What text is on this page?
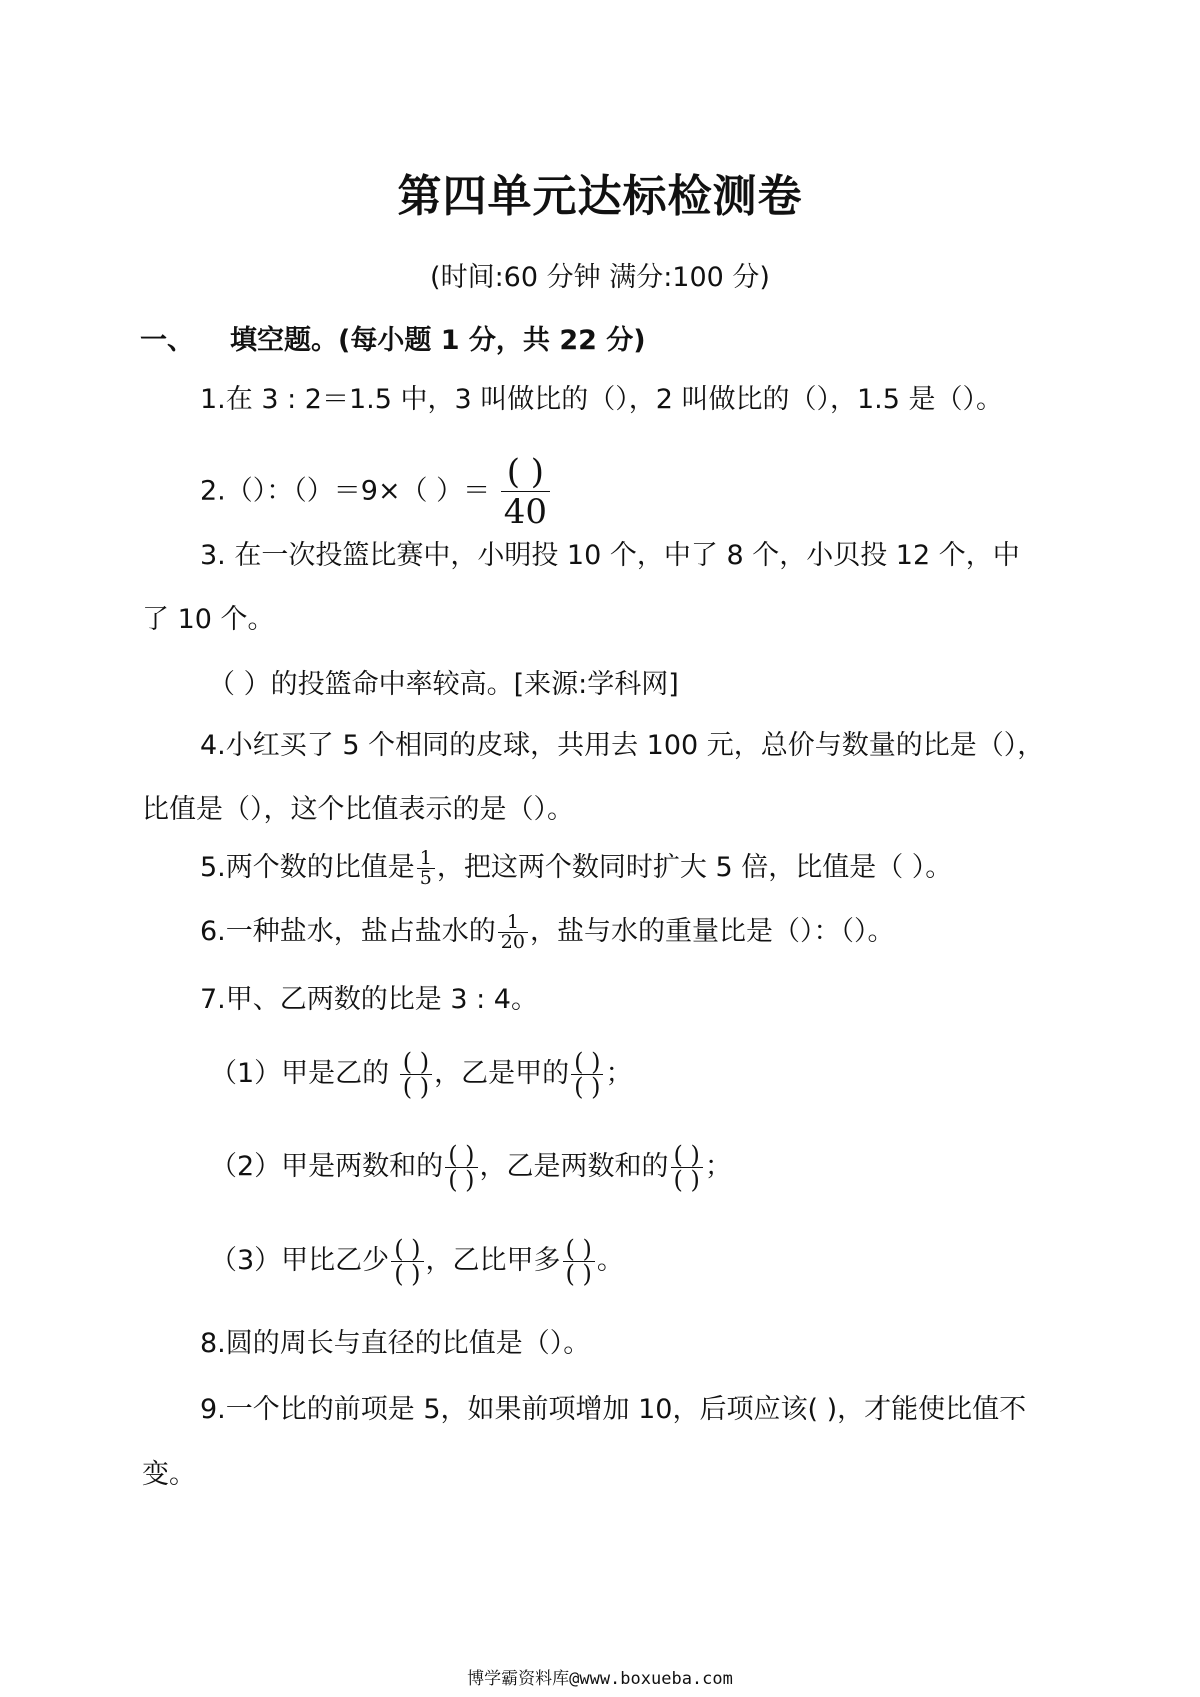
第四单元达标检测卷
(时间:60 分钟 满分:100 分)
一、 填空题。(每小题 1 分，共 22 分)
1.在 3 : 2＝1.5 中，3 叫做比的（），2 叫做比的（），1.5 是（）。
2.（）：（）＝9×（ ）＝ $\frac{( )}{40}$
3. 在一次投篮比赛中，小明投 10 个，中了 8 个，小贝投 12 个，中
了 10 个。
（ ）的投篮命中率较高。[来源:学科网]
4.小红买了 5 个相同的皮球，共用去 100 元，总价与数量的比是（），
比值是（），这个比值表示的是（）。
5.两个数的比值是 $\frac{1}{5}$ ，把这两个数同时扩大 5 倍，比值是（ ）。
6.一种盐水，盐占盐水的 $\frac{1}{20}$ ，盐与水的重量比是（）：（）。
7.甲、乙两数的比是 3 : 4。
（1）甲是乙的 $\frac{( )}{( )}$ ，乙是甲的 $\frac{( )}{( )}$ ；
（2）甲是两数和的 $\frac{( )}{( )}$ ，乙是两数和的 $\frac{( )}{( )}$ ；
（3）甲比乙少 $\frac{( )}{( )}$ ，乙比甲多 $\frac{( )}{( )}$ 。
8.圆的周长与直径的比值是（）。
9.一个比的前项是 5，如果前项增加 10，后项应该( )，才能使比值不
变。
博学霸资料库@www.boxueba.com
